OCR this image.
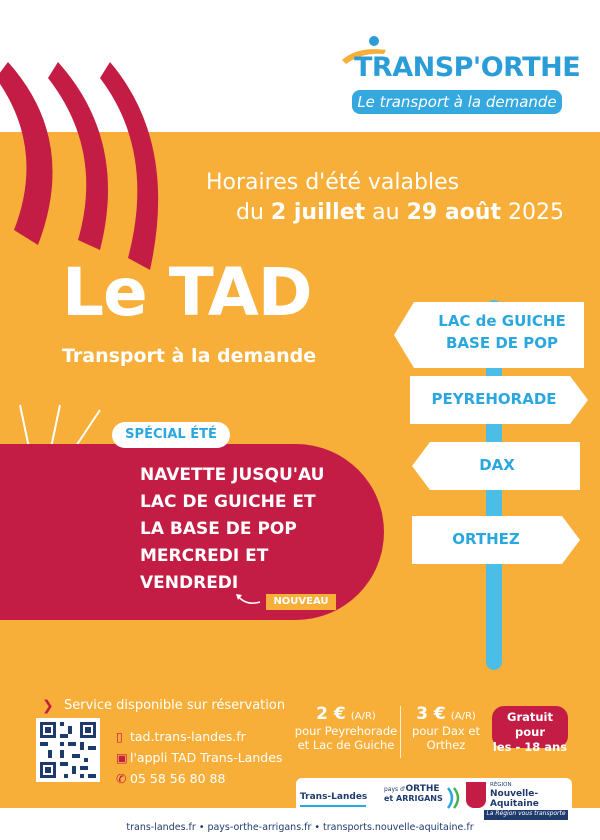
TRANSP'ORTHE
Le transport à la demande
Horaires d'été valables
du 2 juillet au 29 août 2025
Le TAD
Transport à la demande
SPÉCIAL ÉTÉ
NAVETTE JUSQU'AU
LAC DE GUICHE ET
LA BASE DE POP
MERCREDI ET
VENDREDI
NOUVEAU
LAC de GUICHE
BASE DE POP
PEYREHORADE
DAX
ORTHEZ
❯ Service disponible sur réservation
▯ tad.trans-landes.fr
▣ l'appli TAD Trans-Landes
✆ 05 58 56 80 88
2 € (A/R)
pour Peyrehorade
et Lac de Guiche
3 € (A/R)
pour Dax et
Orthez
Gratuit pour
les - 18 ans
Trans-Landes
pays d'ORTHE
et ARRIGANS
RÉGION
Nouvelle-
Aquitaine
La Région vous transporte
trans-landes.fr • pays-orthe-arrigans.fr • transports.nouvelle-aquitaine.fr
